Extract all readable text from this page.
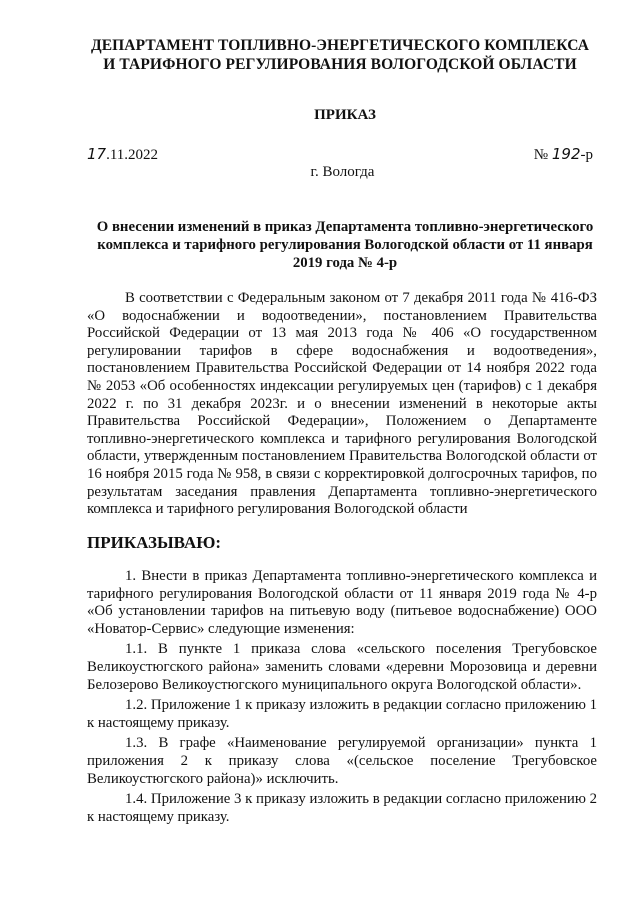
ДЕПАРТАМЕНТ ТОПЛИВНО-ЭНЕРГЕТИЧЕСКОГО КОМПЛЕКСА
И ТАРИФНОГО РЕГУЛИРОВАНИЯ ВОЛОГОДСКОЙ ОБЛАСТИ
ПРИКАЗ
17.11.2022	№ 192-р
г. Вологда
О внесении изменений в приказ Департамента топливно-энергетического комплекса и тарифного регулирования Вологодской области от 11 января 2019 года № 4-р
В соответствии с Федеральным законом от 7 декабря 2011 года № 416-ФЗ «О водоснабжении и водоотведении», постановлением Правительства Российской Федерации от 13 мая 2013 года № 406 «О государственном регулировании тарифов в сфере водоснабжения и водоотведения», постановлением Правительства Российской Федерации от 14 ноября 2022 года № 2053 «Об особенностях индексации регулируемых цен (тарифов) с 1 декабря 2022 г. по 31 декабря 2023г. и о внесении изменений в некоторые акты Правительства Российской Федерации», Положением о Департаменте топливно-энергетического комплекса и тарифного регулирования Вологодской области, утвержденным постановлением Правительства Вологодской области от 16 ноября 2015 года № 958, в связи с корректировкой долгосрочных тарифов, по результатам заседания правления Департамента топливно-энергетического комплекса и тарифного регулирования Вологодской области
ПРИКАЗЫВАЮ:

1. Внести в приказ Департамента топливно-энергетического комплекса и тарифного регулирования Вологодской области от 11 января 2019 года № 4-р «Об установлении тарифов на питьевую воду (питьевое водоснабжение) ООО «Новатор-Сервис» следующие изменения:

1.1. В пункте 1 приказа слова «сельского поселения Трегубовское Великоустюгского района» заменить словами «деревни Морозовица и деревни Белозерово Великоустюгского муниципального округа Вологодской области».

1.2. Приложение 1 к приказу изложить в редакции согласно приложению 1 к настоящему приказу.

1.3. В графе «Наименование регулируемой организации» пункта 1 приложения 2 к приказу слова «(сельское поселение Трегубовское Великоустюгского района)» исключить.

1.4. Приложение 3 к приказу изложить в редакции согласно приложению 2 к настоящему приказу.
